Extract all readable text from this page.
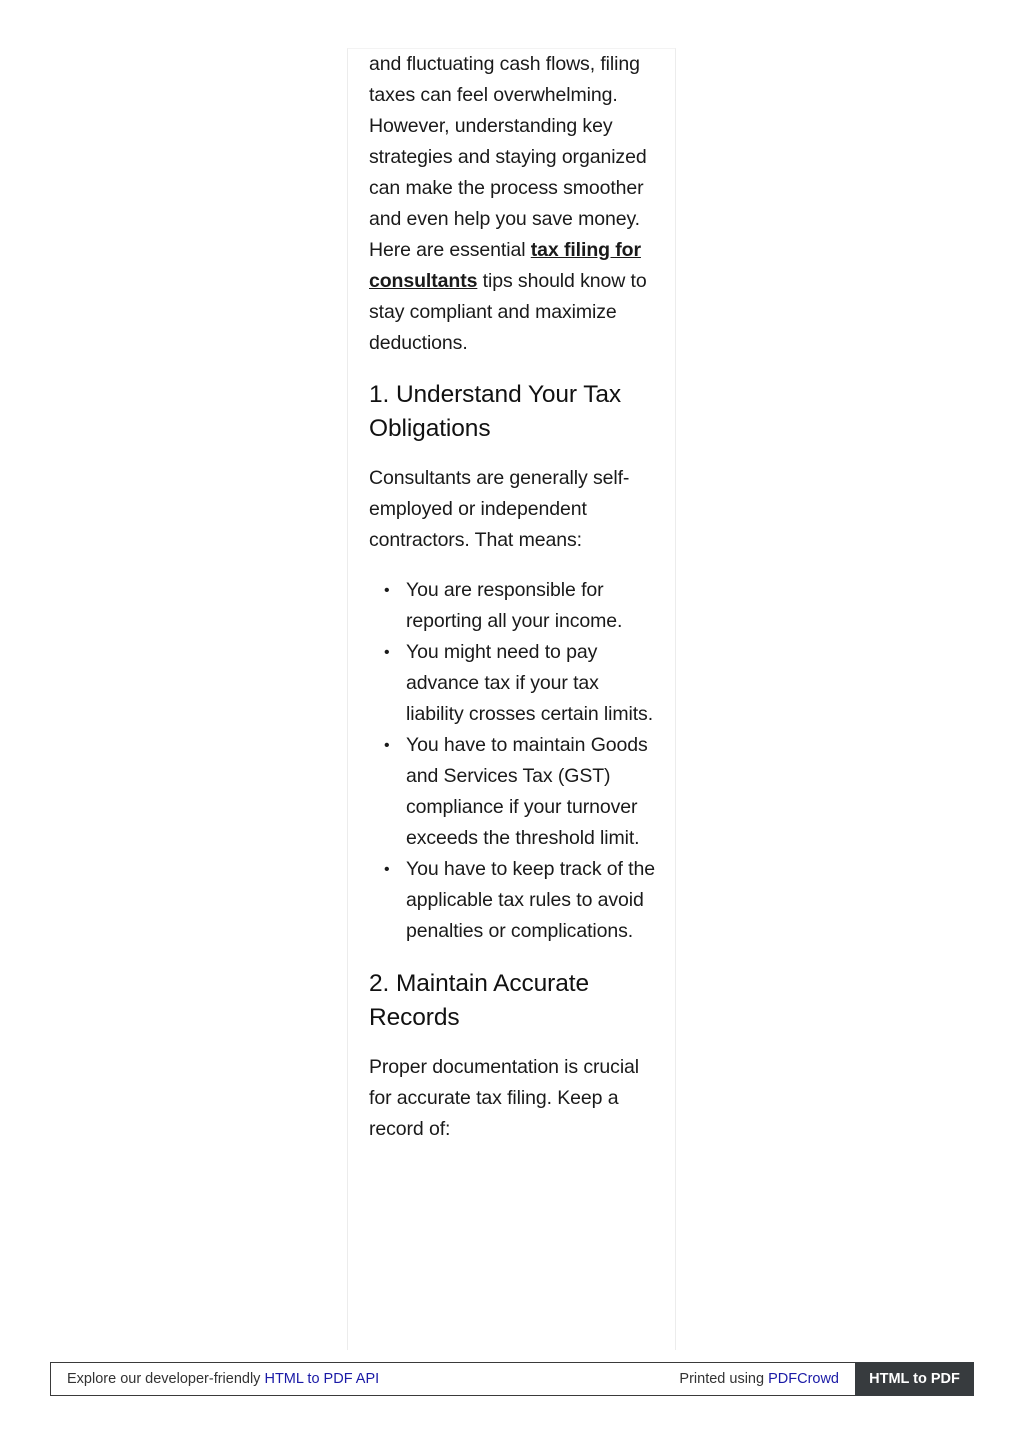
and fluctuating cash flows, filing taxes can feel overwhelming. However, understanding key strategies and staying organized can make the process smoother and even help you save money. Here are essential tax filing for consultants tips should know to stay compliant and maximize deductions.

1. Understand Your Tax Obligations

Consultants are generally self-employed or independent contractors. That means:

• You are responsible for reporting all your income.
• You might need to pay advance tax if your tax liability crosses certain limits.
• You have to maintain Goods and Services Tax (GST) compliance if your turnover exceeds the threshold limit.
• You have to keep track of the applicable tax rules to avoid penalties or complications.
2. Maintain Accurate Records

Proper documentation is crucial for accurate tax filing. Keep a record of:

Explore our developer-friendly HTML to PDF API	Printed using PDFCrowd	HTML to PDF
